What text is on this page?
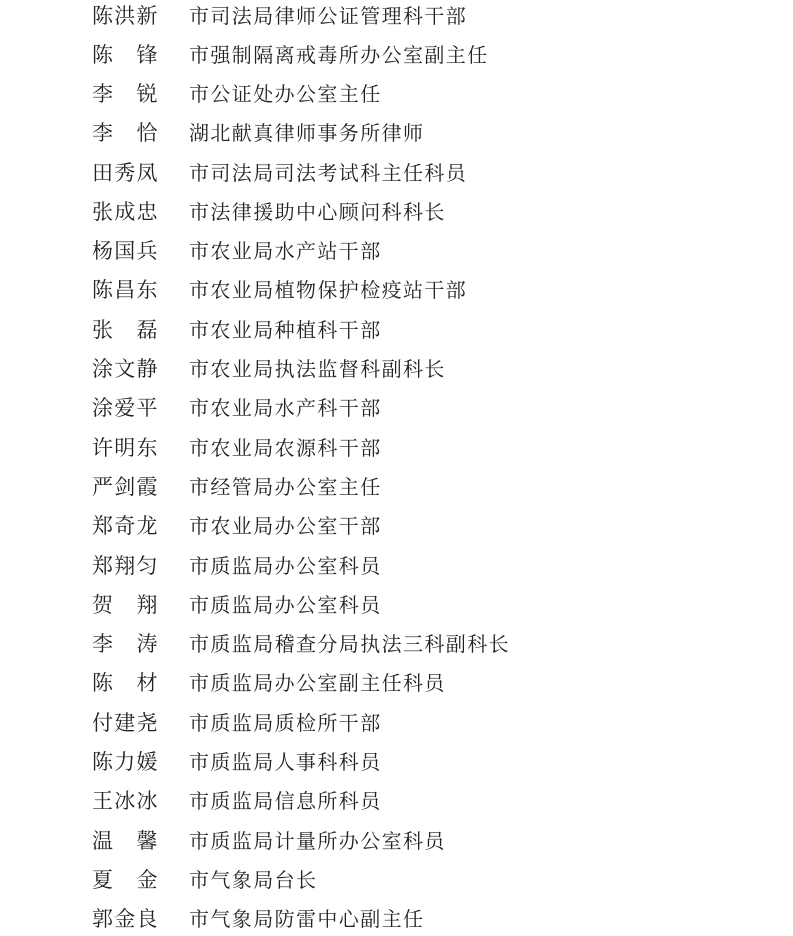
陈洪新 市司法局律师公证管理科干部
陈　锋 市强制隔离戒毒所办公室副主任
李　锐 市公证处办公室主任
李　恰 湖北献真律师事务所律师
田秀凤 市司法局司法考试科主任科员
张成忠 市法律援助中心顾问科科长
杨国兵 市农业局水产站干部
陈昌东 市农业局植物保护检疫站干部
张　磊 市农业局种植科干部
涂文静 市农业局执法监督科副科长
涂爱平 市农业局水产科干部
许明东 市农业局农源科干部
严剑霞 市经管局办公室主任
郑奇龙 市农业局办公室干部
郑翔匀 市质监局办公室科员
贺　翔 市质监局办公室科员
李　涛 市质监局稽查分局执法三科副科长
陈　材 市质监局办公室副主任科员
付建尧 市质监局质检所干部
陈力媛 市质监局人事科科员
王冰冰 市质监局信息所科员
温　馨 市质监局计量所办公室科员
夏　金 市气象局台长
郭金良 市气象局防雷中心副主任
